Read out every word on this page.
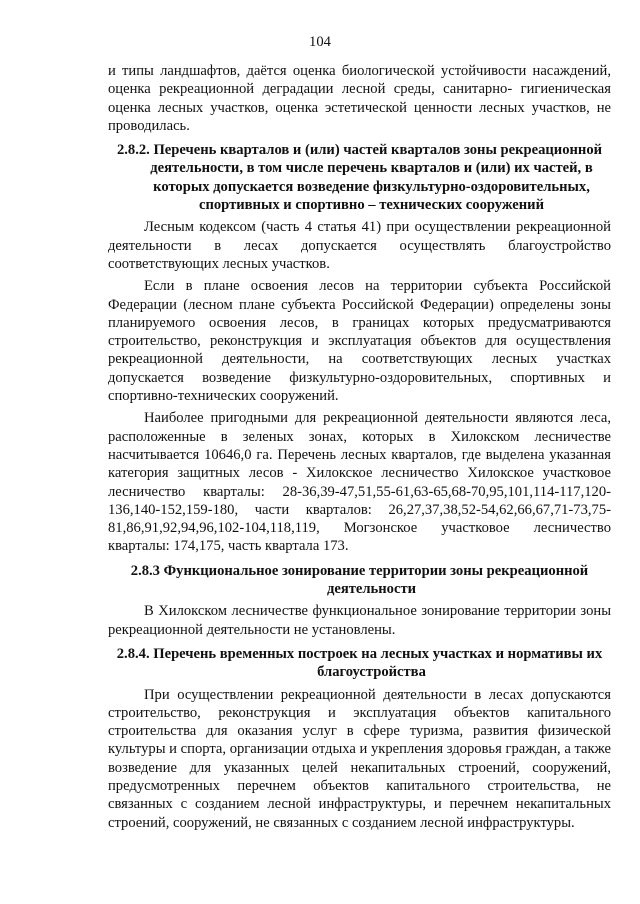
104

и типы ландшафтов, даётся оценка биологической устойчивости насаждений, оценка рекреационной деградации лесной среды, санитарно- гигиеническая оценка лесных участков, оценка эстетической ценности лесных участков, не проводилась.

2.8.2. Перечень кварталов и (или) частей кварталов зоны рекреационной деятельности, в том числе перечень кварталов и (или) их частей, в которых допускается возведение физкультурно-оздоровительных, спортивных и спортивно – технических сооружений

Лесным кодексом (часть 4 статья 41) при осуществлении рекреационной деятельности в лесах допускается осуществлять благоустройство соответствующих лесных участков.

Если в плане освоения лесов на территории субъекта Российской Федерации (лесном плане субъекта Российской Федерации) определены зоны планируемого освоения лесов, в границах которых предусматриваются строительство, реконструкция и эксплуатация объектов для осуществления рекреационной деятельности, на соответствующих лесных участках допускается возведение физкультурно-оздоровительных, спортивных и спортивно-технических сооружений.

Наиболее пригодными для рекреационной деятельности являются леса, расположенные в зеленых зонах, которых в Хилокском лесничестве насчитывается 10646,0 га. Перечень лесных кварталов, где выделена указанная категория защитных лесов - Хилокское лесничество Хилокское участковое лесничество кварталы: 28-36,39-47,51,55-61,63-65,68-70,95,101,114-117,120-136,140-152,159-180, части кварталов: 26,27,37,38,52-54,62,66,67,71-73,75-81,86,91,92,94,96,102-104,118,119, Могзонское участковое лесничество кварталы: 174,175, часть квартала 173.

2.8.3 Функциональное зонирование территории зоны рекреационной деятельности

В Хилокском лесничестве функциональное зонирование территории зоны рекреационной деятельности не установлены.

2.8.4. Перечень временных построек на лесных участках и нормативы их благоустройства

При осуществлении рекреационной деятельности в лесах допускаются строительство, реконструкция и эксплуатация объектов капитального строительства для оказания услуг в сфере туризма, развития физической культуры и спорта, организации отдыха и укрепления здоровья граждан, а также возведение для указанных целей некапитальных строений, сооружений, предусмотренных перечнем объектов капитального строительства, не связанных с созданием лесной инфраструктуры, и перечнем некапитальных строений, сооружений, не связанных с созданием лесной инфраструктуры.
